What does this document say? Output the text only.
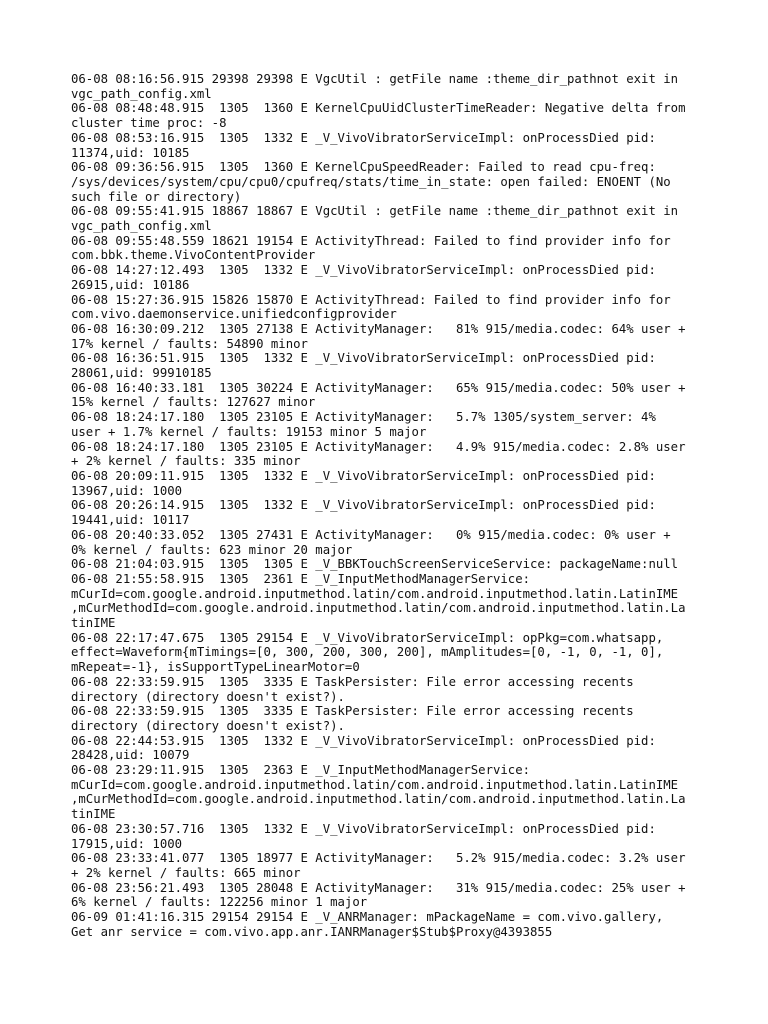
06-08 08:16:56.915 29398 29398 E VgcUtil : getFile name :theme_dir_pathnot exit in
vgc_path_config.xml
06-08 08:48:48.915  1305  1360 E KernelCpuUidClusterTimeReader: Negative delta from
cluster time proc: -8
06-08 08:53:16.915  1305  1332 E _V_VivoVibratorServiceImpl: onProcessDied pid:
11374,uid: 10185
06-08 09:36:56.915  1305  1360 E KernelCpuSpeedReader: Failed to read cpu-freq:
/sys/devices/system/cpu/cpu0/cpufreq/stats/time_in_state: open failed: ENOENT (No
such file or directory)
06-08 09:55:41.915 18867 18867 E VgcUtil : getFile name :theme_dir_pathnot exit in
vgc_path_config.xml
06-08 09:55:48.559 18621 19154 E ActivityThread: Failed to find provider info for
com.bbk.theme.VivoContentProvider
06-08 14:27:12.493  1305  1332 E _V_VivoVibratorServiceImpl: onProcessDied pid:
26915,uid: 10186
06-08 15:27:36.915 15826 15870 E ActivityThread: Failed to find provider info for
com.vivo.daemonservice.unifiedconfigprovider
06-08 16:30:09.212  1305 27138 E ActivityManager:   81% 915/media.codec: 64% user +
17% kernel / faults: 54890 minor
06-08 16:36:51.915  1305  1332 E _V_VivoVibratorServiceImpl: onProcessDied pid:
28061,uid: 99910185
06-08 16:40:33.181  1305 30224 E ActivityManager:   65% 915/media.codec: 50% user +
15% kernel / faults: 127627 minor
06-08 18:24:17.180  1305 23105 E ActivityManager:   5.7% 1305/system_server: 4%
user + 1.7% kernel / faults: 19153 minor 5 major
06-08 18:24:17.180  1305 23105 E ActivityManager:   4.9% 915/media.codec: 2.8% user
+ 2% kernel / faults: 335 minor
06-08 20:09:11.915  1305  1332 E _V_VivoVibratorServiceImpl: onProcessDied pid:
13967,uid: 1000
06-08 20:26:14.915  1305  1332 E _V_VivoVibratorServiceImpl: onProcessDied pid:
19441,uid: 10117
06-08 20:40:33.052  1305 27431 E ActivityManager:   0% 915/media.codec: 0% user +
0% kernel / faults: 623 minor 20 major
06-08 21:04:03.915  1305  1305 E _V_BBKTouchScreenServiceService: packageName:null
06-08 21:55:58.915  1305  2361 E _V_InputMethodManagerService:
mCurId=com.google.android.inputmethod.latin/com.android.inputmethod.latin.LatinIME
,mCurMethodId=com.google.android.inputmethod.latin/com.android.inputmethod.latin.La
tinIME
06-08 22:17:47.675  1305 29154 E _V_VivoVibratorServiceImpl: opPkg=com.whatsapp,
effect=Waveform{mTimings=[0, 300, 200, 300, 200], mAmplitudes=[0, -1, 0, -1, 0],
mRepeat=-1}, isSupportTypeLinearMotor=0
06-08 22:33:59.915  1305  3335 E TaskPersister: File error accessing recents
directory (directory doesn't exist?).
06-08 22:33:59.915  1305  3335 E TaskPersister: File error accessing recents
directory (directory doesn't exist?).
06-08 22:44:53.915  1305  1332 E _V_VivoVibratorServiceImpl: onProcessDied pid:
28428,uid: 10079
06-08 23:29:11.915  1305  2363 E _V_InputMethodManagerService:
mCurId=com.google.android.inputmethod.latin/com.android.inputmethod.latin.LatinIME
,mCurMethodId=com.google.android.inputmethod.latin/com.android.inputmethod.latin.La
tinIME
06-08 23:30:57.716  1305  1332 E _V_VivoVibratorServiceImpl: onProcessDied pid:
17915,uid: 1000
06-08 23:33:41.077  1305 18977 E ActivityManager:   5.2% 915/media.codec: 3.2% user
+ 2% kernel / faults: 665 minor
06-08 23:56:21.493  1305 28048 E ActivityManager:   31% 915/media.codec: 25% user +
6% kernel / faults: 122256 minor 1 major
06-09 01:41:16.315 29154 29154 E _V_ANRManager: mPackageName = com.vivo.gallery,
Get anr service = com.vivo.app.anr.IANRManager$Stub$Proxy@4393855
